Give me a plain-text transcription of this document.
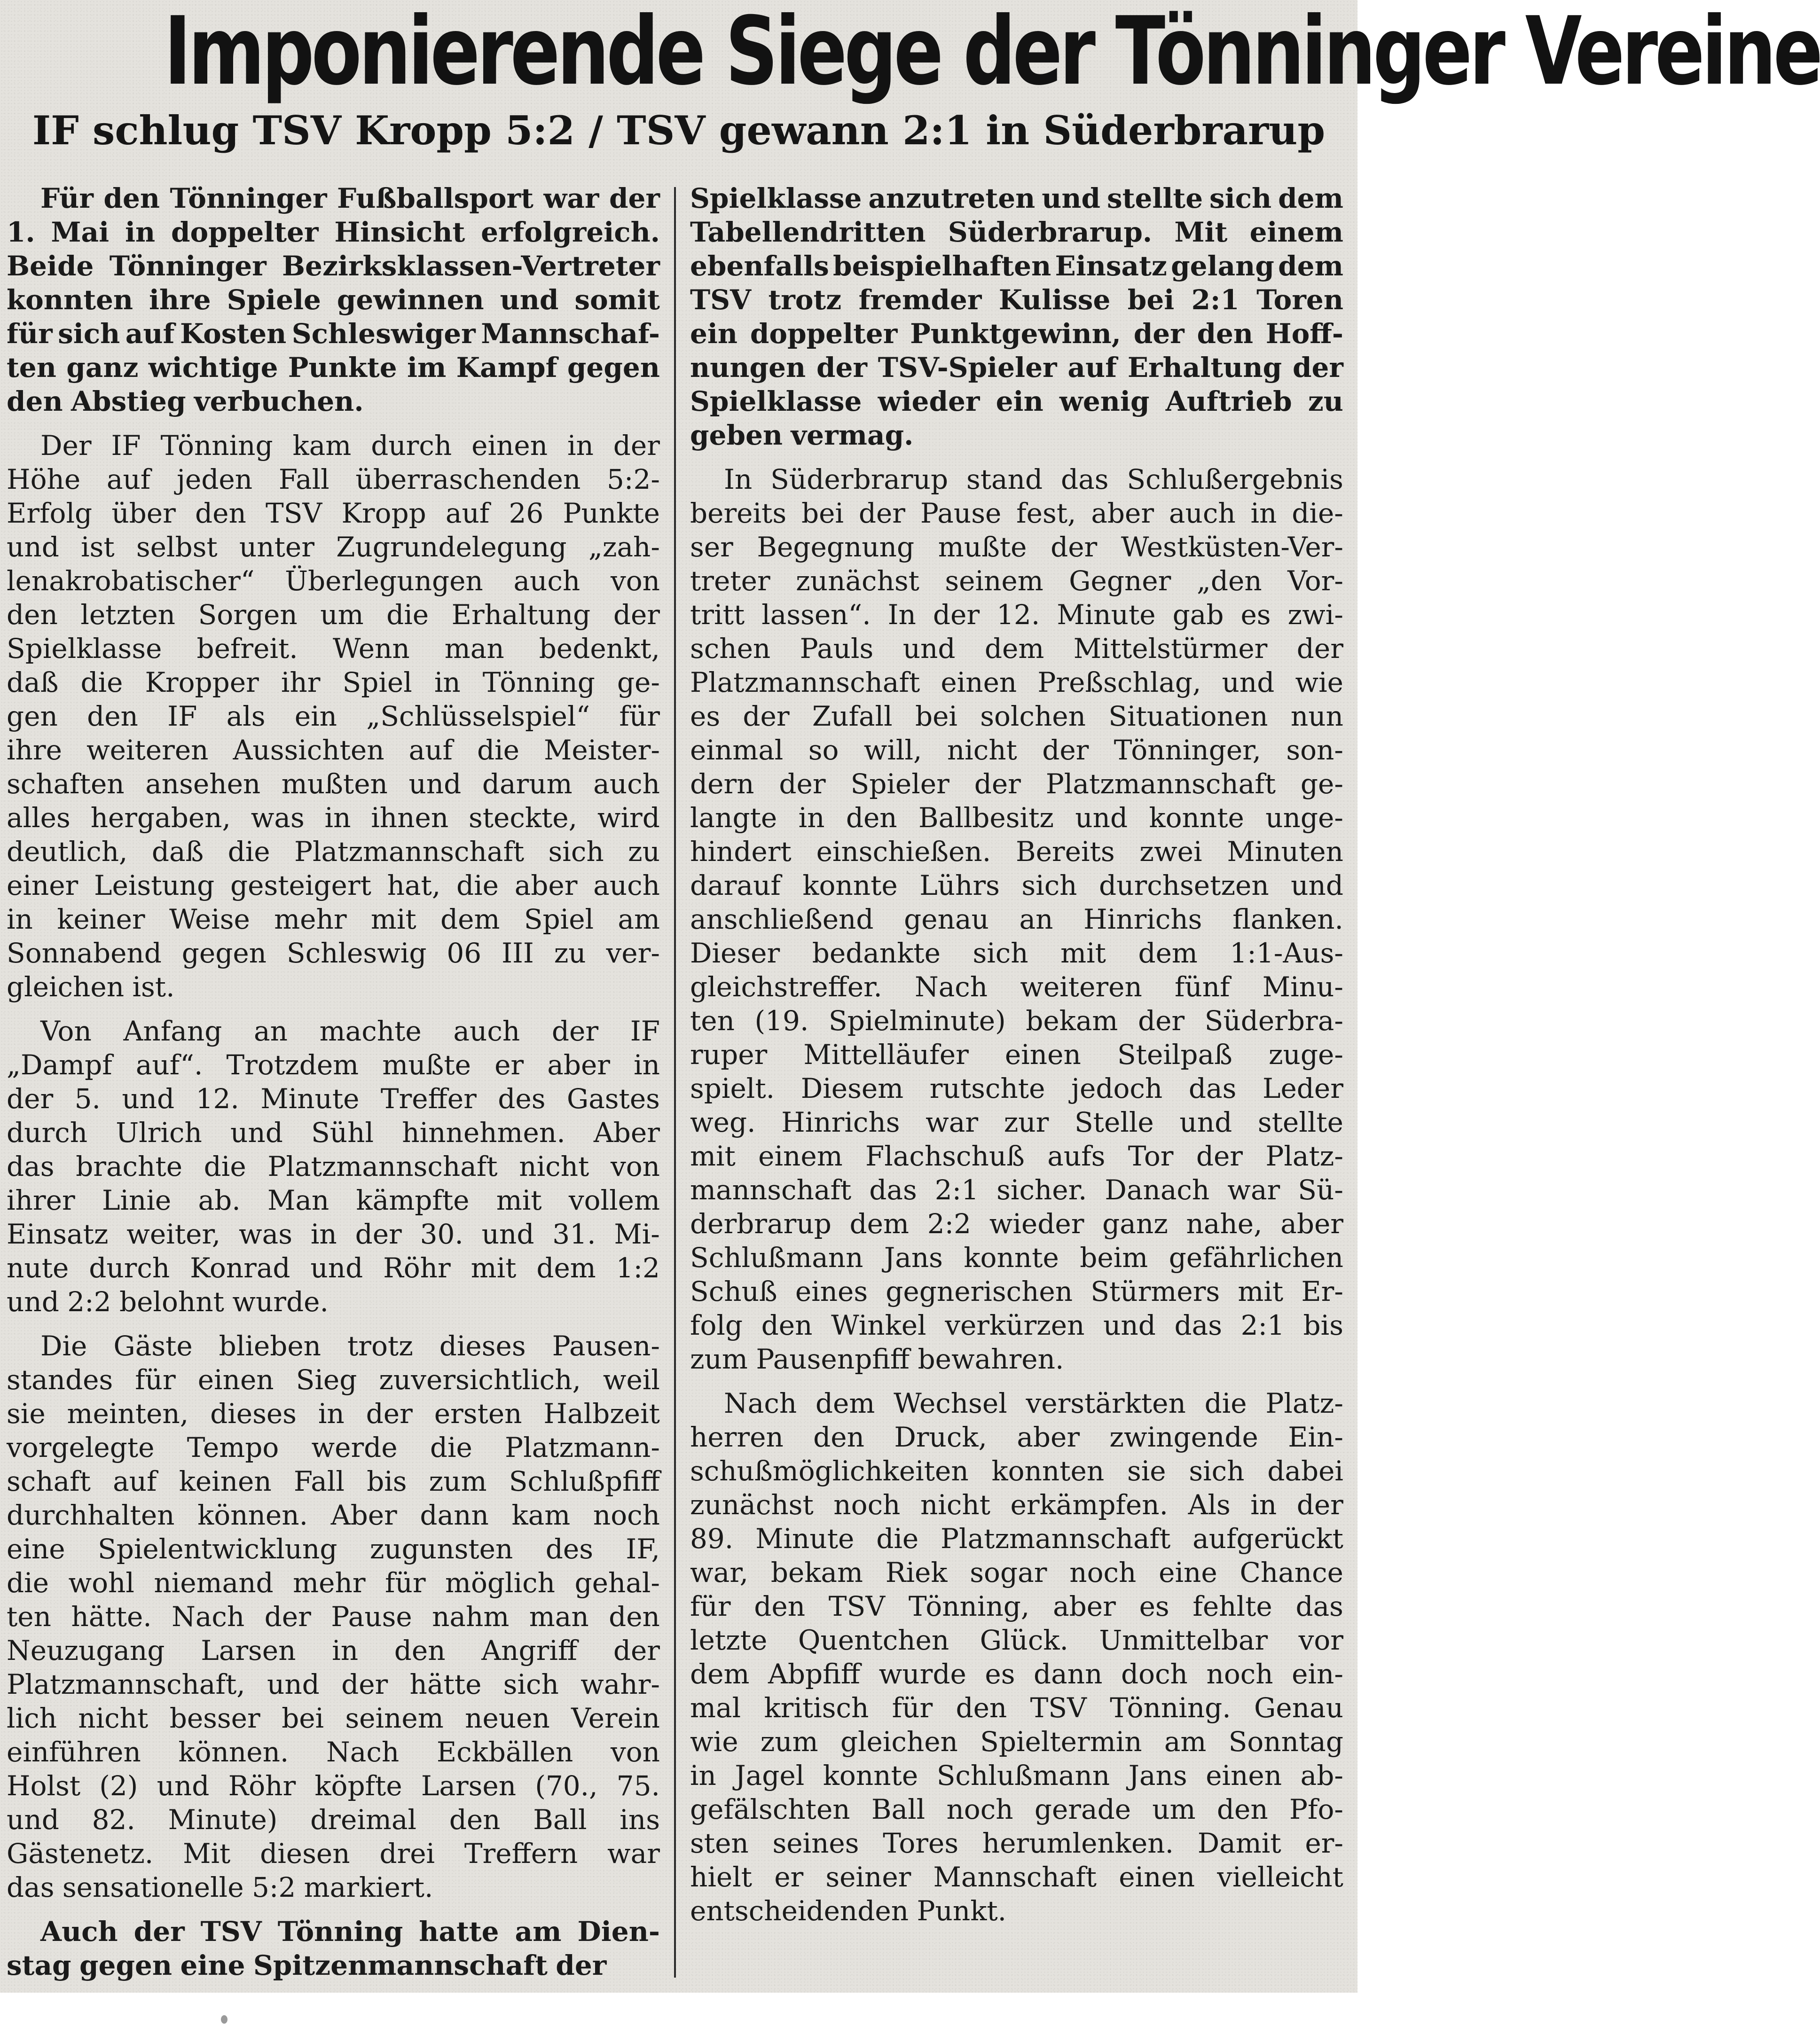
Imponierende Siege der Tönninger Vereine
IF schlug TSV Kropp 5:2 / TSV gewann 2:1 in Süderbrarup
Für den Tönninger Fußballsport war der
1. Mai in doppelter Hinsicht erfolgreich.
Beide Tönninger Bezirksklassen-Vertreter
konnten ihre Spiele gewinnen und somit
für sich auf Kosten Schleswiger Mannschaf-
ten ganz wichtige Punkte im Kampf gegen
den Abstieg verbuchen.
Der IF Tönning kam durch einen in der
Höhe auf jeden Fall überraschenden 5:2-
Erfolg über den TSV Kropp auf 26 Punkte
und ist selbst unter Zugrundelegung „zah-
lenakrobatischer“ Überlegungen auch von
den letzten Sorgen um die Erhaltung der
Spielklasse befreit. Wenn man bedenkt,
daß die Kropper ihr Spiel in Tönning ge-
gen den IF als ein „Schlüsselspiel“ für
ihre weiteren Aussichten auf die Meister-
schaften ansehen mußten und darum auch
alles hergaben, was in ihnen steckte, wird
deutlich, daß die Platzmannschaft sich zu
einer Leistung gesteigert hat, die aber auch
in keiner Weise mehr mit dem Spiel am
Sonnabend gegen Schleswig 06 III zu ver-
gleichen ist.
Von Anfang an machte auch der IF
„Dampf auf“. Trotzdem mußte er aber in
der 5. und 12. Minute Treffer des Gastes
durch Ulrich und Sühl hinnehmen. Aber
das brachte die Platzmannschaft nicht von
ihrer Linie ab. Man kämpfte mit vollem
Einsatz weiter, was in der 30. und 31. Mi-
nute durch Konrad und Röhr mit dem 1:2
und 2:2 belohnt wurde.
Die Gäste blieben trotz dieses Pausen-
standes für einen Sieg zuversichtlich, weil
sie meinten, dieses in der ersten Halbzeit
vorgelegte Tempo werde die Platzmann-
schaft auf keinen Fall bis zum Schlußpfiff
durchhalten können. Aber dann kam noch
eine Spielentwicklung zugunsten des IF,
die wohl niemand mehr für möglich gehal-
ten hätte. Nach der Pause nahm man den
Neuzugang Larsen in den Angriff der
Platzmannschaft, und der hätte sich wahr-
lich nicht besser bei seinem neuen Verein
einführen können. Nach Eckbällen von
Holst (2) und Röhr köpfte Larsen (70., 75.
und 82. Minute) dreimal den Ball ins
Gästenetz. Mit diesen drei Treffern war
das sensationelle 5:2 markiert.
Auch der TSV Tönning hatte am Dien-
stag gegen eine Spitzenmannschaft der
Spielklasse anzutreten und stellte sich dem
Tabellendritten Süderbrarup. Mit einem
ebenfalls beispielhaften Einsatz gelang dem
TSV trotz fremder Kulisse bei 2:1 Toren
ein doppelter Punktgewinn, der den Hoff-
nungen der TSV-Spieler auf Erhaltung der
Spielklasse wieder ein wenig Auftrieb zu
geben vermag.
In Süderbrarup stand das Schlußergebnis
bereits bei der Pause fest, aber auch in die-
ser Begegnung mußte der Westküsten-Ver-
treter zunächst seinem Gegner „den Vor-
tritt lassen“. In der 12. Minute gab es zwi-
schen Pauls und dem Mittelstürmer der
Platzmannschaft einen Preßschlag, und wie
es der Zufall bei solchen Situationen nun
einmal so will, nicht der Tönninger, son-
dern der Spieler der Platzmannschaft ge-
langte in den Ballbesitz und konnte unge-
hindert einschießen. Bereits zwei Minuten
darauf konnte Lührs sich durchsetzen und
anschließend genau an Hinrichs flanken.
Dieser bedankte sich mit dem 1:1-Aus-
gleichstreffer. Nach weiteren fünf Minu-
ten (19. Spielminute) bekam der Süderbra-
ruper Mittelläufer einen Steilpaß zuge-
spielt. Diesem rutschte jedoch das Leder
weg. Hinrichs war zur Stelle und stellte
mit einem Flachschuß aufs Tor der Platz-
mannschaft das 2:1 sicher. Danach war Sü-
derbrarup dem 2:2 wieder ganz nahe, aber
Schlußmann Jans konnte beim gefährlichen
Schuß eines gegnerischen Stürmers mit Er-
folg den Winkel verkürzen und das 2:1 bis
zum Pausenpfiff bewahren.
Nach dem Wechsel verstärkten die Platz-
herren den Druck, aber zwingende Ein-
schußmöglichkeiten konnten sie sich dabei
zunächst noch nicht erkämpfen. Als in der
89. Minute die Platzmannschaft aufgerückt
war, bekam Riek sogar noch eine Chance
für den TSV Tönning, aber es fehlte das
letzte Quentchen Glück. Unmittelbar vor
dem Abpfiff wurde es dann doch noch ein-
mal kritisch für den TSV Tönning. Genau
wie zum gleichen Spieltermin am Sonntag
in Jagel konnte Schlußmann Jans einen ab-
gefälschten Ball noch gerade um den Pfo-
sten seines Tores herumlenken. Damit er-
hielt er seiner Mannschaft einen vielleicht
entscheidenden Punkt.
